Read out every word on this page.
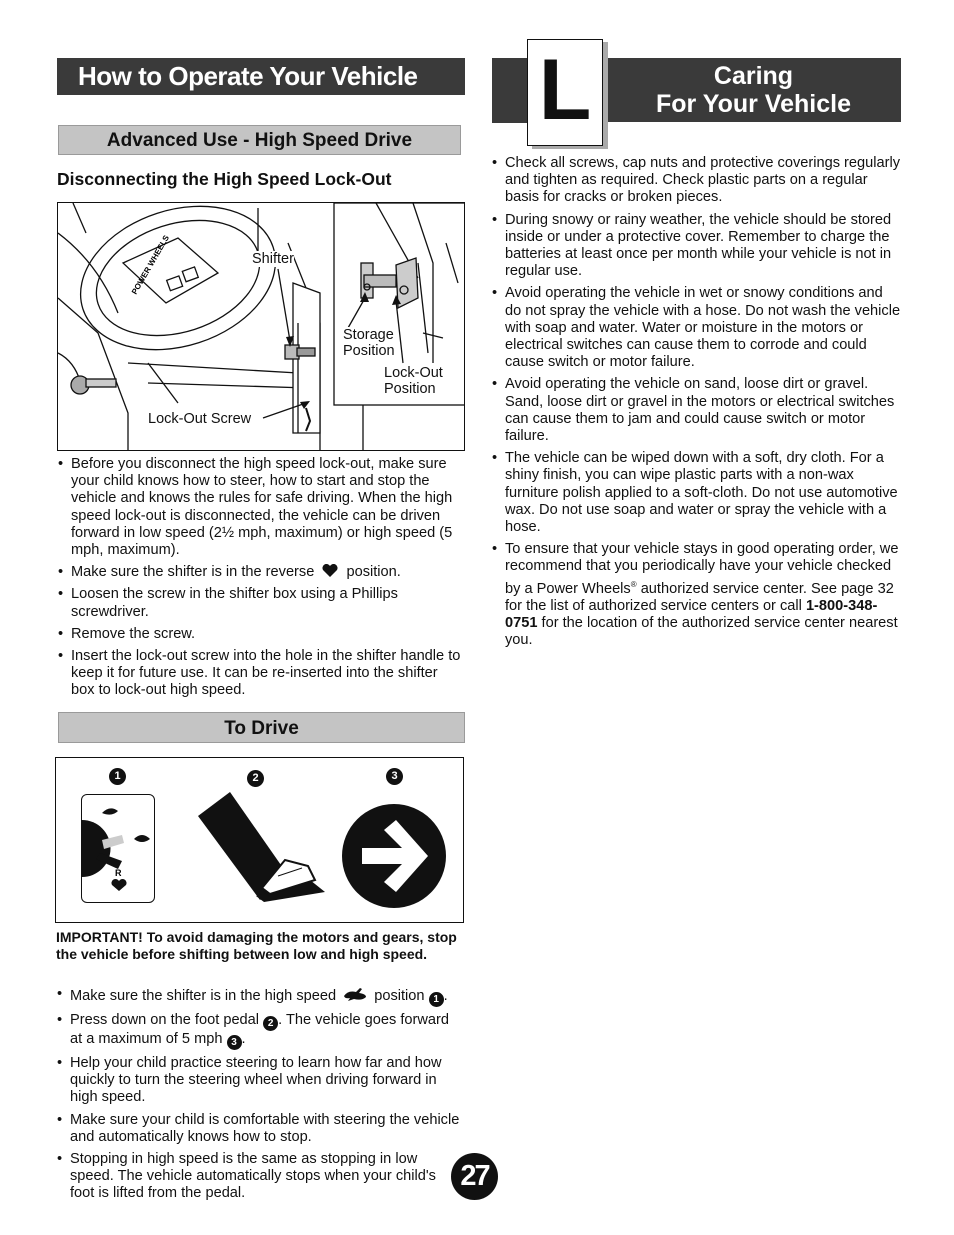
How to Operate Your Vehicle	Caring
For Your Vehicle
L
Advanced Use - High Speed Drive
Disconnecting the High Speed Lock-Out
POWER WHEELS	Shifter
Storage
Position
Lock-Out
Position
Lock-Out Screw
• Before you disconnect the high speed lock-out, make sure your child knows how to steer, how to start and stop the vehicle and knows the rules for safe driving. When the high speed lock-out is disconnected, the vehicle can be driven forward in low speed (2½ mph, maximum) or high speed (5 mph, maximum).
• Make sure the shifter is in the reverse position.
• Loosen the screw in the shifter box using a Phillips screwdriver.
• Remove the screw.
• Insert the lock-out screw into the hole in the shifter handle to keep it for future use. It can be re-inserted into the shifter box to lock-out high speed.
To Drive
1	2	3
R
IMPORTANT! To avoid damaging the motors and gears, stop the vehicle before shifting between low and high speed.
• Make sure the shifter is in the high speed	position 1 .
• Press down on the foot pedal 2 . The vehicle goes forward at a maximum of 5 mph 3 .
• Help your child practice steering to learn how far and how quickly to turn the steering wheel when driving forward in high speed.
• Make sure your child is comfortable with steering the vehicle and automatically knows how to stop.
• Stopping in high speed is the same as stopping in low speed. The vehicle automatically stops when your child's foot is lifted from the pedal.
• Check all screws, cap nuts and protective coverings regularly and tighten as required. Check plastic parts on a regular basis for cracks or broken pieces.
• During snowy or rainy weather, the vehicle should be stored inside or under a protective cover. Remember to charge the batteries at least once per month while your vehicle is not in regular use.
• Avoid operating the vehicle in wet or snowy conditions and do not spray the vehicle with a hose. Do not wash the vehicle with soap and water. Water or moisture in the motors or electrical switches can cause them to corrode and could cause switch or motor failure.
• Avoid operating the vehicle on sand, loose dirt or gravel. Sand, loose dirt or gravel in the motors or electrical switches can cause them to jam and could cause switch or motor failure.
• The vehicle can be wiped down with a soft, dry cloth. For a shiny finish, you can wipe plastic parts with a non-wax furniture polish applied to a soft-cloth. Do not use automotive wax. Do not use soap and water or spray the vehicle with a hose.
• To ensure that your vehicle stays in good operating order, we recommend that you periodically have your vehicle checked by a Power Wheels® authorized service center. See page 32 for the list of authorized service centers or call 1-800-348-0751 for the location of the authorized service center nearest you.
27
